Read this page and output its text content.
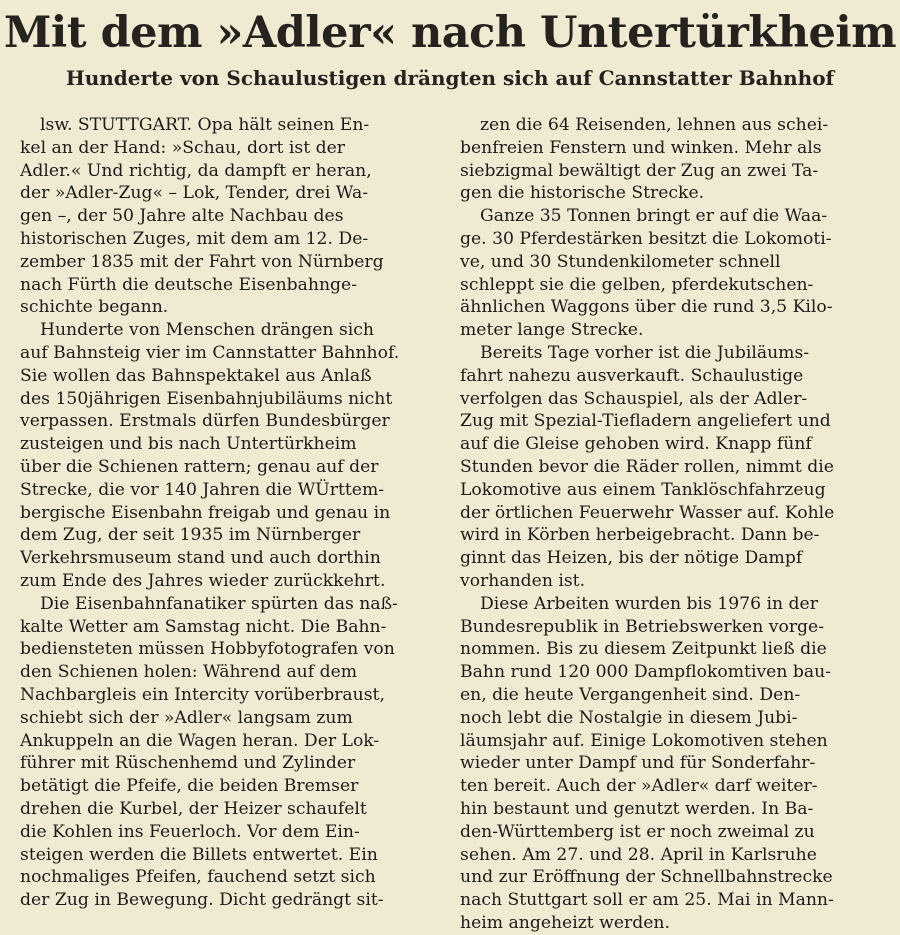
Mit dem »Adler« nach Untertürkheim
Hunderte von Schaulustigen drängten sich auf Cannstatter Bahnhof
lsw. STUTTGART. Opa hält seinen En-
kel an der Hand: »Schau, dort ist der
Adler.« Und richtig, da dampft er heran,
der »Adler-Zug« – Lok, Tender, drei Wa-
gen –, der 50 Jahre alte Nachbau des
historischen Zuges, mit dem am 12. De-
zember 1835 mit der Fahrt von Nürnberg
nach Fürth die deutsche Eisenbahnge-
schichte begann.
Hunderte von Menschen drängen sich
auf Bahnsteig vier im Cannstatter Bahnhof.
Sie wollen das Bahnspektakel aus Anlaß
des 150jährigen Eisenbahnjubiläums nicht
verpassen. Erstmals dürfen Bundesbürger
zusteigen und bis nach Untertürkheim
über die Schienen rattern; genau auf der
Strecke, die vor 140 Jahren die WÜrttem-
bergische Eisenbahn freigab und genau in
dem Zug, der seit 1935 im Nürnberger
Verkehrsmuseum stand und auch dorthin
zum Ende des Jahres wieder zurückkehrt.
Die Eisenbahnfanatiker spürten das naß-
kalte Wetter am Samstag nicht. Die Bahn-
bediensteten müssen Hobbyfotografen von
den Schienen holen: Während auf dem
Nachbargleis ein Intercity vorüberbraust,
schiebt sich der »Adler« langsam zum
Ankuppeln an die Wagen heran. Der Lok-
führer mit Rüschenhemd und Zylinder
betätigt die Pfeife, die beiden Bremser
drehen die Kurbel, der Heizer schaufelt
die Kohlen ins Feuerloch. Vor dem Ein-
steigen werden die Billets entwertet. Ein
nochmaliges Pfeifen, fauchend setzt sich
der Zug in Bewegung. Dicht gedrängt sit-
zen die 64 Reisenden, lehnen aus schei-
benfreien Fenstern und winken. Mehr als
siebzigmal bewältigt der Zug an zwei Ta-
gen die historische Strecke.
Ganze 35 Tonnen bringt er auf die Waa-
ge. 30 Pferdestärken besitzt die Lokomoti-
ve, und 30 Stundenkilometer schnell
schleppt sie die gelben, pferdekutschen-
ähnlichen Waggons über die rund 3,5 Kilo-
meter lange Strecke.
Bereits Tage vorher ist die Jubiläums-
fahrt nahezu ausverkauft. Schaulustige
verfolgen das Schauspiel, als der Adler-
Zug mit Spezial-Tiefladern angeliefert und
auf die Gleise gehoben wird. Knapp fünf
Stunden bevor die Räder rollen, nimmt die
Lokomotive aus einem Tanklöschfahrzeug
der örtlichen Feuerwehr Wasser auf. Kohle
wird in Körben herbeigebracht. Dann be-
ginnt das Heizen, bis der nötige Dampf
vorhanden ist.
Diese Arbeiten wurden bis 1976 in der
Bundesrepublik in Betriebswerken vorge-
nommen. Bis zu diesem Zeitpunkt ließ die
Bahn rund 120 000 Dampflokomtiven bau-
en, die heute Vergangenheit sind. Den-
noch lebt die Nostalgie in diesem Jubi-
läumsjahr auf. Einige Lokomotiven stehen
wieder unter Dampf und für Sonderfahr-
ten bereit. Auch der »Adler« darf weiter-
hin bestaunt und genutzt werden. In Ba-
den-Württemberg ist er noch zweimal zu
sehen. Am 27. und 28. April in Karlsruhe
und zur Eröffnung der Schnellbahnstrecke
nach Stuttgart soll er am 25. Mai in Mann-
heim angeheizt werden.
